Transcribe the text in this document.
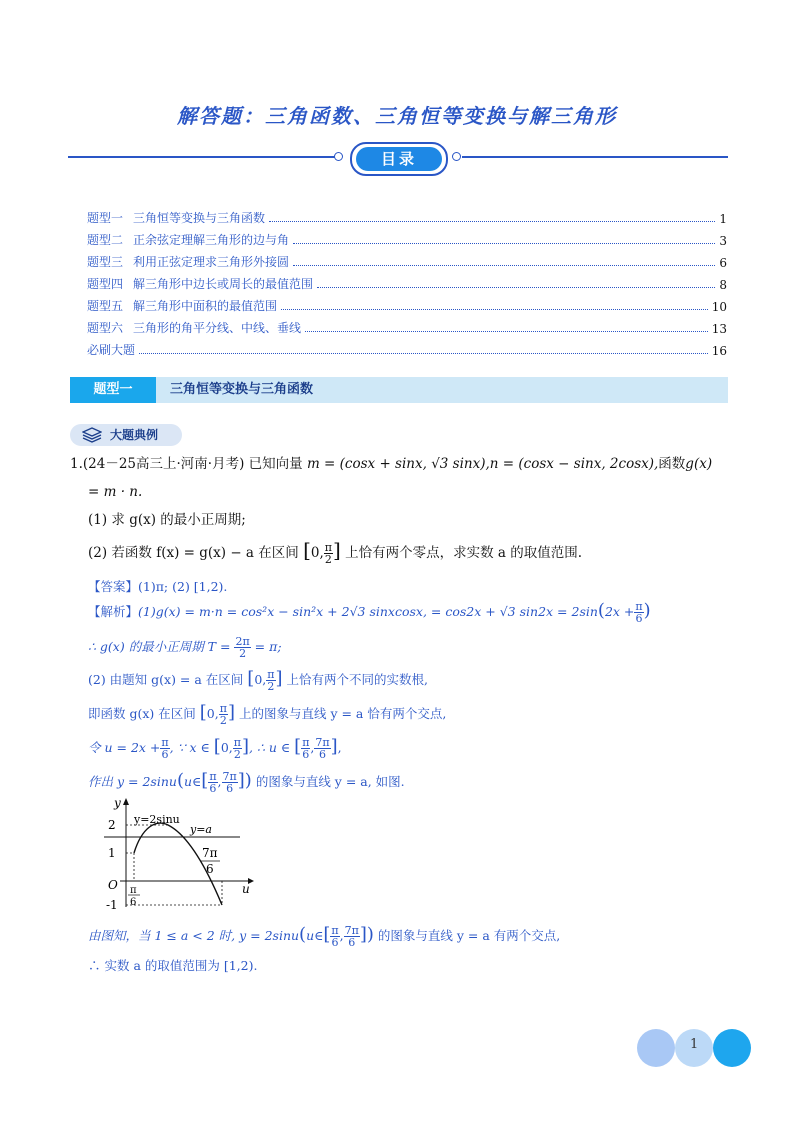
解答题：三角函数、三角恒等变换与解三角形
目录
题型一 三角恒等变换与三角函数	1
题型二 正余弦定理解三角形的边与角	3
题型三 利用正弦定理求三角形外接圆	6
题型四 解三角形中边长或周长的最值范围	8
题型五 解三角形中面积的最值范围	10
题型六 三角形的角平分线、中线、垂线	13
必刷大题	16
题型一	三角恒等变换与三角函数
大题典例
1.(24－25高三上·河南·月考) 已知向量 m = (cosx + sinx, √3 sinx),n = (cosx − sinx, 2cosx),函数g(x)
= m · n.
(1) 求 g(x) 的最小正周期;
(2) 若函数 f(x) = g(x) − a 在区间 [0, $\frac{\pi}{2}$ ] 上恰有两个零点，求实数 a 的取值范围.
【答案】(1)π; (2) [1,2).
【解析】(1)g(x) = m·n = cos²x − sin²x + 2√3 sinxcosx, = cos2x + √3 $\sin 2x = 2\sin(2x + \frac{\pi}{6}$ )
∴ g(x) 的最小正周期 $T = \frac{2\pi}{2} = \pi$;
(2) 由题知 g(x) = a 在区间 [0, $\frac{\pi}{2}$ ] 上恰有两个不同的实数根,
即函数 g(x) 在区间 [0, $\frac{\pi}{2}$ ] 上的图象与直线 y = a 恰有两个交点,
令 $u = 2x + \frac{\pi}{6}$ , ∵ x ∈ [0, $\frac{\pi}{2}$ ], ∴ u ∈ [ $\frac{\pi}{6}$ , $\frac{7\pi}{6}$ ],
作出 y = 2sinu(u∈[ $\frac{\pi}{6}$ , $\frac{7\pi}{6}$ ]) 的图象与直线 y = a, 如图.
y
u
2
1
-1
O
y=2sinu
y=a
π
6
7π
6
由图知，当 1 ≤ a < 2 时, y = 2sinu(u∈[ $\frac{\pi}{6}$ , $\frac{7\pi}{6}$ ]) 的图象与直线 y = a 有两个交点,
∴ 实数 a 的取值范围为 [1,2).
1
